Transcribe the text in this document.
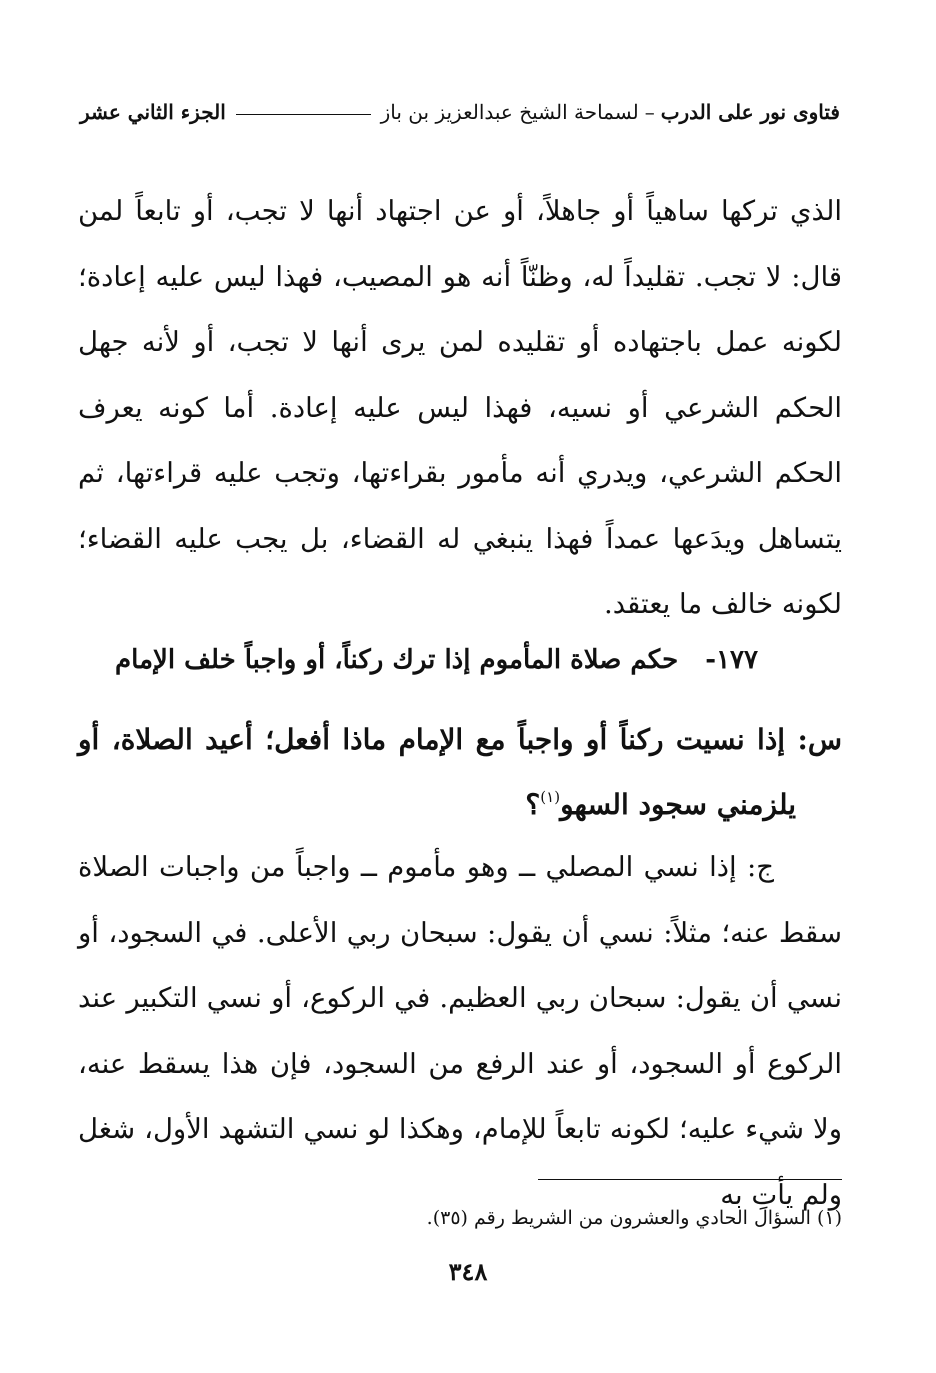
فتاوى نور على الدرب
–
لسماحة الشيخ عبدالعزيز بن باز
الجزء الثاني عشر
الذي تركها ساهياً أو جاهلاً، أو عن اجتهاد أنها لا تجب، أو تابعاً لمن قال: لا تجب. تقليداً له، وظنّاً أنه هو المصيب، فهذا ليس عليه إعادة؛ لكونه عمل باجتهاده أو تقليده لمن يرى أنها لا تجب، أو لأنه جهل الحكم الشرعي أو نسيه، فهذا ليس عليه إعادة. أما كونه يعرف الحكم الشرعي، ويدري أنه مأمور بقراءتها، وتجب عليه قراءتها، ثم يتساهل ويدَعها عمداً فهذا ينبغي له القضاء، بل يجب عليه القضاء؛ لكونه خالف ما يعتقد.
١٧٧-   حكم صلاة المأموم إذا ترك ركناً، أو واجباً خلف الإمام
س: إذا نسيت ركناً أو واجباً مع الإمام ماذا أفعل؛ أعيد الصلاة، أو
يلزمني سجود السهو$^{(١)}$؟
ج: إذا نسي المصلي ــ وهو مأموم ــ واجباً من واجبات الصلاة سقط عنه؛ مثلاً: نسي أن يقول: سبحان ربي الأعلى. في السجود، أو نسي أن يقول: سبحان ربي العظيم. في الركوع، أو نسي التكبير عند الركوع أو السجود، أو عند الرفع من السجود، فإن هذا يسقط عنه، ولا شيء عليه؛ لكونه تابعاً للإمام، وهكذا لو نسي التشهد الأول، شغل ولم يأتِ به
(١) السؤال الحادي والعشرون من الشريط رقم (٣٥).
٣٤٨
